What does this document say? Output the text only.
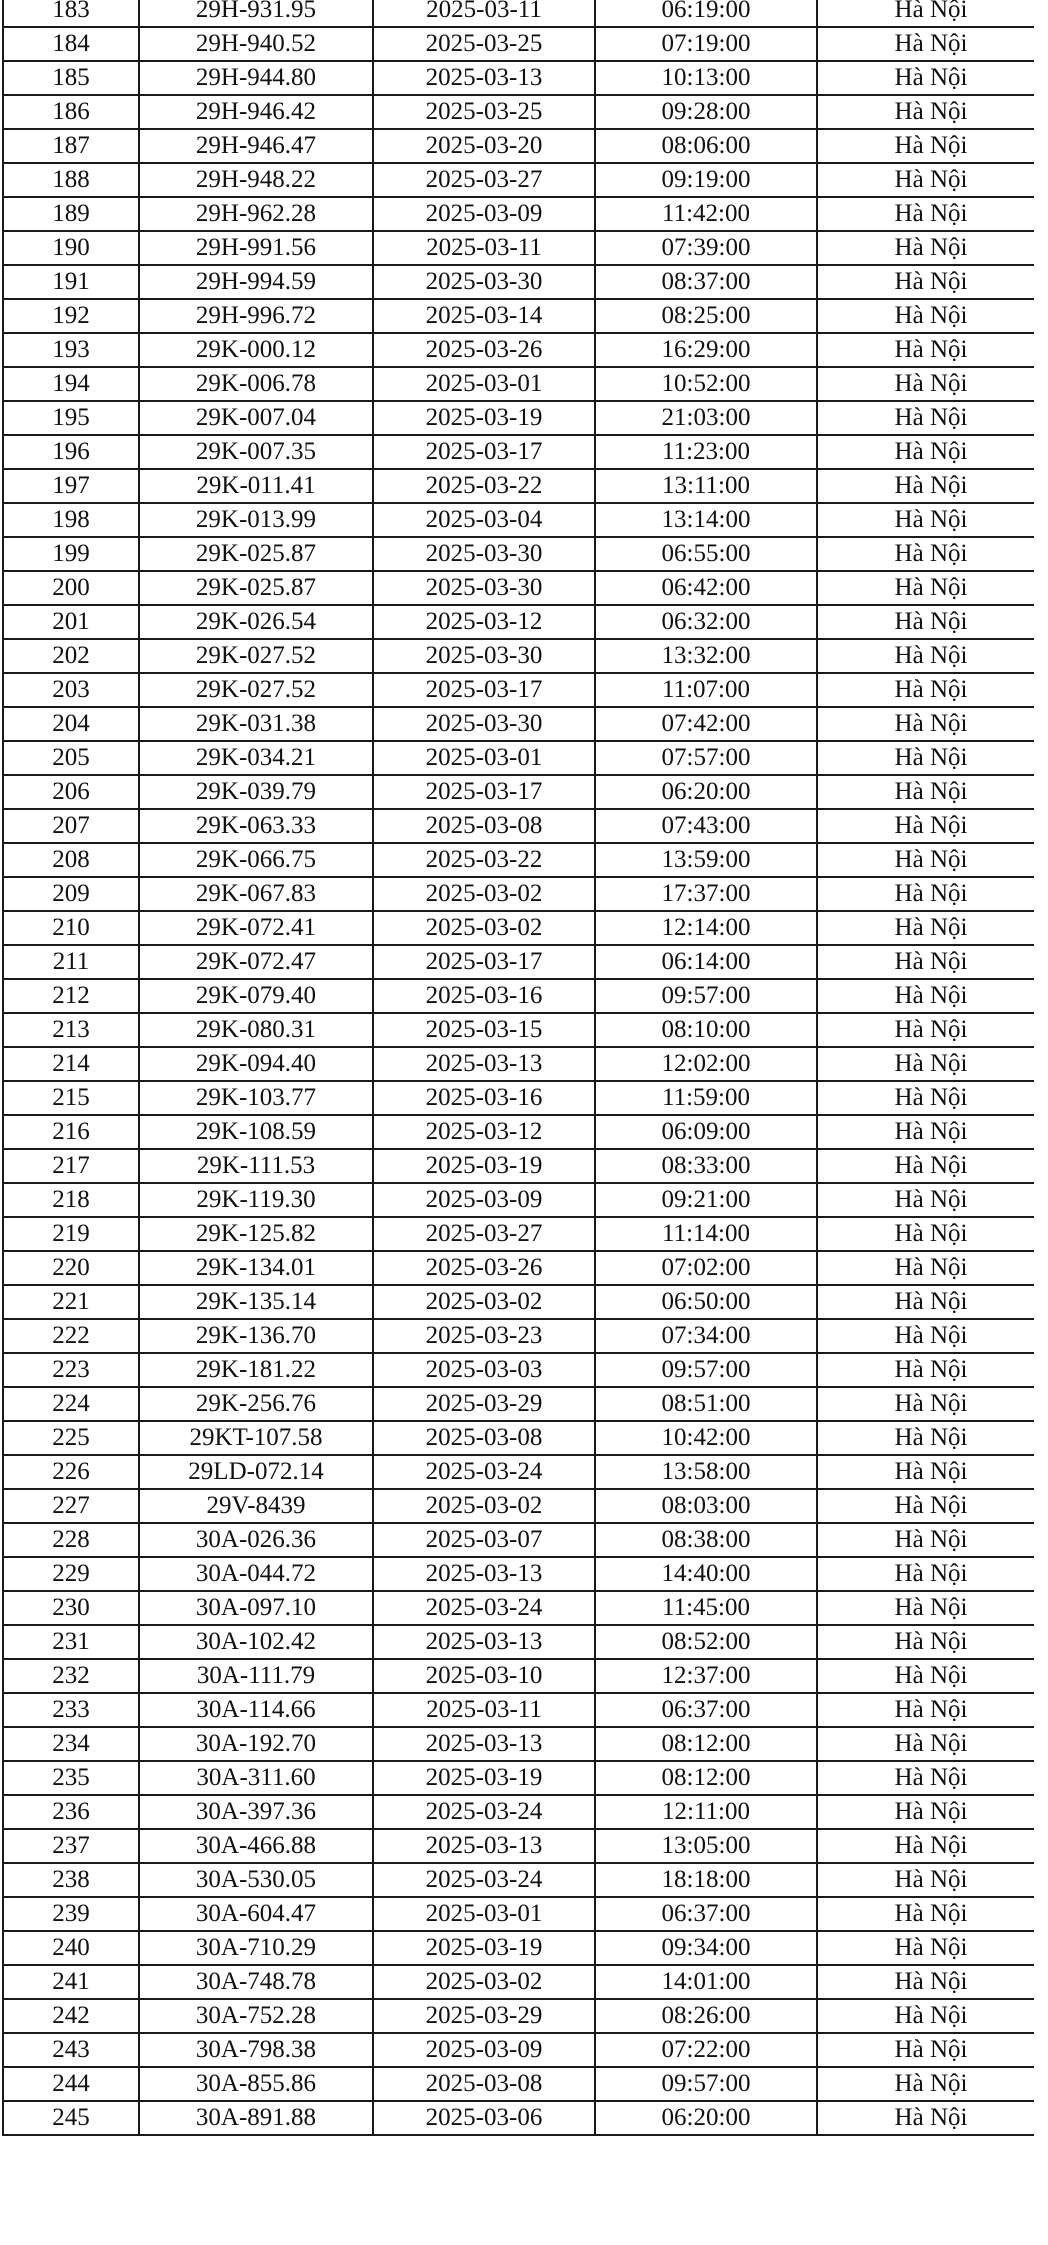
183	29H-931.95	2025-03-11	06:19:00	Hà Nội
184	29H-940.52	2025-03-25	07:19:00	Hà Nội
185	29H-944.80	2025-03-13	10:13:00	Hà Nội
186	29H-946.42	2025-03-25	09:28:00	Hà Nội
187	29H-946.47	2025-03-20	08:06:00	Hà Nội
188	29H-948.22	2025-03-27	09:19:00	Hà Nội
189	29H-962.28	2025-03-09	11:42:00	Hà Nội
190	29H-991.56	2025-03-11	07:39:00	Hà Nội
191	29H-994.59	2025-03-30	08:37:00	Hà Nội
192	29H-996.72	2025-03-14	08:25:00	Hà Nội
193	29K-000.12	2025-03-26	16:29:00	Hà Nội
194	29K-006.78	2025-03-01	10:52:00	Hà Nội
195	29K-007.04	2025-03-19	21:03:00	Hà Nội
196	29K-007.35	2025-03-17	11:23:00	Hà Nội
197	29K-011.41	2025-03-22	13:11:00	Hà Nội
198	29K-013.99	2025-03-04	13:14:00	Hà Nội
199	29K-025.87	2025-03-30	06:55:00	Hà Nội
200	29K-025.87	2025-03-30	06:42:00	Hà Nội
201	29K-026.54	2025-03-12	06:32:00	Hà Nội
202	29K-027.52	2025-03-30	13:32:00	Hà Nội
203	29K-027.52	2025-03-17	11:07:00	Hà Nội
204	29K-031.38	2025-03-30	07:42:00	Hà Nội
205	29K-034.21	2025-03-01	07:57:00	Hà Nội
206	29K-039.79	2025-03-17	06:20:00	Hà Nội
207	29K-063.33	2025-03-08	07:43:00	Hà Nội
208	29K-066.75	2025-03-22	13:59:00	Hà Nội
209	29K-067.83	2025-03-02	17:37:00	Hà Nội
210	29K-072.41	2025-03-02	12:14:00	Hà Nội
211	29K-072.47	2025-03-17	06:14:00	Hà Nội
212	29K-079.40	2025-03-16	09:57:00	Hà Nội
213	29K-080.31	2025-03-15	08:10:00	Hà Nội
214	29K-094.40	2025-03-13	12:02:00	Hà Nội
215	29K-103.77	2025-03-16	11:59:00	Hà Nội
216	29K-108.59	2025-03-12	06:09:00	Hà Nội
217	29K-111.53	2025-03-19	08:33:00	Hà Nội
218	29K-119.30	2025-03-09	09:21:00	Hà Nội
219	29K-125.82	2025-03-27	11:14:00	Hà Nội
220	29K-134.01	2025-03-26	07:02:00	Hà Nội
221	29K-135.14	2025-03-02	06:50:00	Hà Nội
222	29K-136.70	2025-03-23	07:34:00	Hà Nội
223	29K-181.22	2025-03-03	09:57:00	Hà Nội
224	29K-256.76	2025-03-29	08:51:00	Hà Nội
225	29KT-107.58	2025-03-08	10:42:00	Hà Nội
226	29LD-072.14	2025-03-24	13:58:00	Hà Nội
227	29V-8439	2025-03-02	08:03:00	Hà Nội
228	30A-026.36	2025-03-07	08:38:00	Hà Nội
229	30A-044.72	2025-03-13	14:40:00	Hà Nội
230	30A-097.10	2025-03-24	11:45:00	Hà Nội
231	30A-102.42	2025-03-13	08:52:00	Hà Nội
232	30A-111.79	2025-03-10	12:37:00	Hà Nội
233	30A-114.66	2025-03-11	06:37:00	Hà Nội
234	30A-192.70	2025-03-13	08:12:00	Hà Nội
235	30A-311.60	2025-03-19	08:12:00	Hà Nội
236	30A-397.36	2025-03-24	12:11:00	Hà Nội
237	30A-466.88	2025-03-13	13:05:00	Hà Nội
238	30A-530.05	2025-03-24	18:18:00	Hà Nội
239	30A-604.47	2025-03-01	06:37:00	Hà Nội
240	30A-710.29	2025-03-19	09:34:00	Hà Nội
241	30A-748.78	2025-03-02	14:01:00	Hà Nội
242	30A-752.28	2025-03-29	08:26:00	Hà Nội
243	30A-798.38	2025-03-09	07:22:00	Hà Nội
244	30A-855.86	2025-03-08	09:57:00	Hà Nội
245	30A-891.88	2025-03-06	06:20:00	Hà Nội
